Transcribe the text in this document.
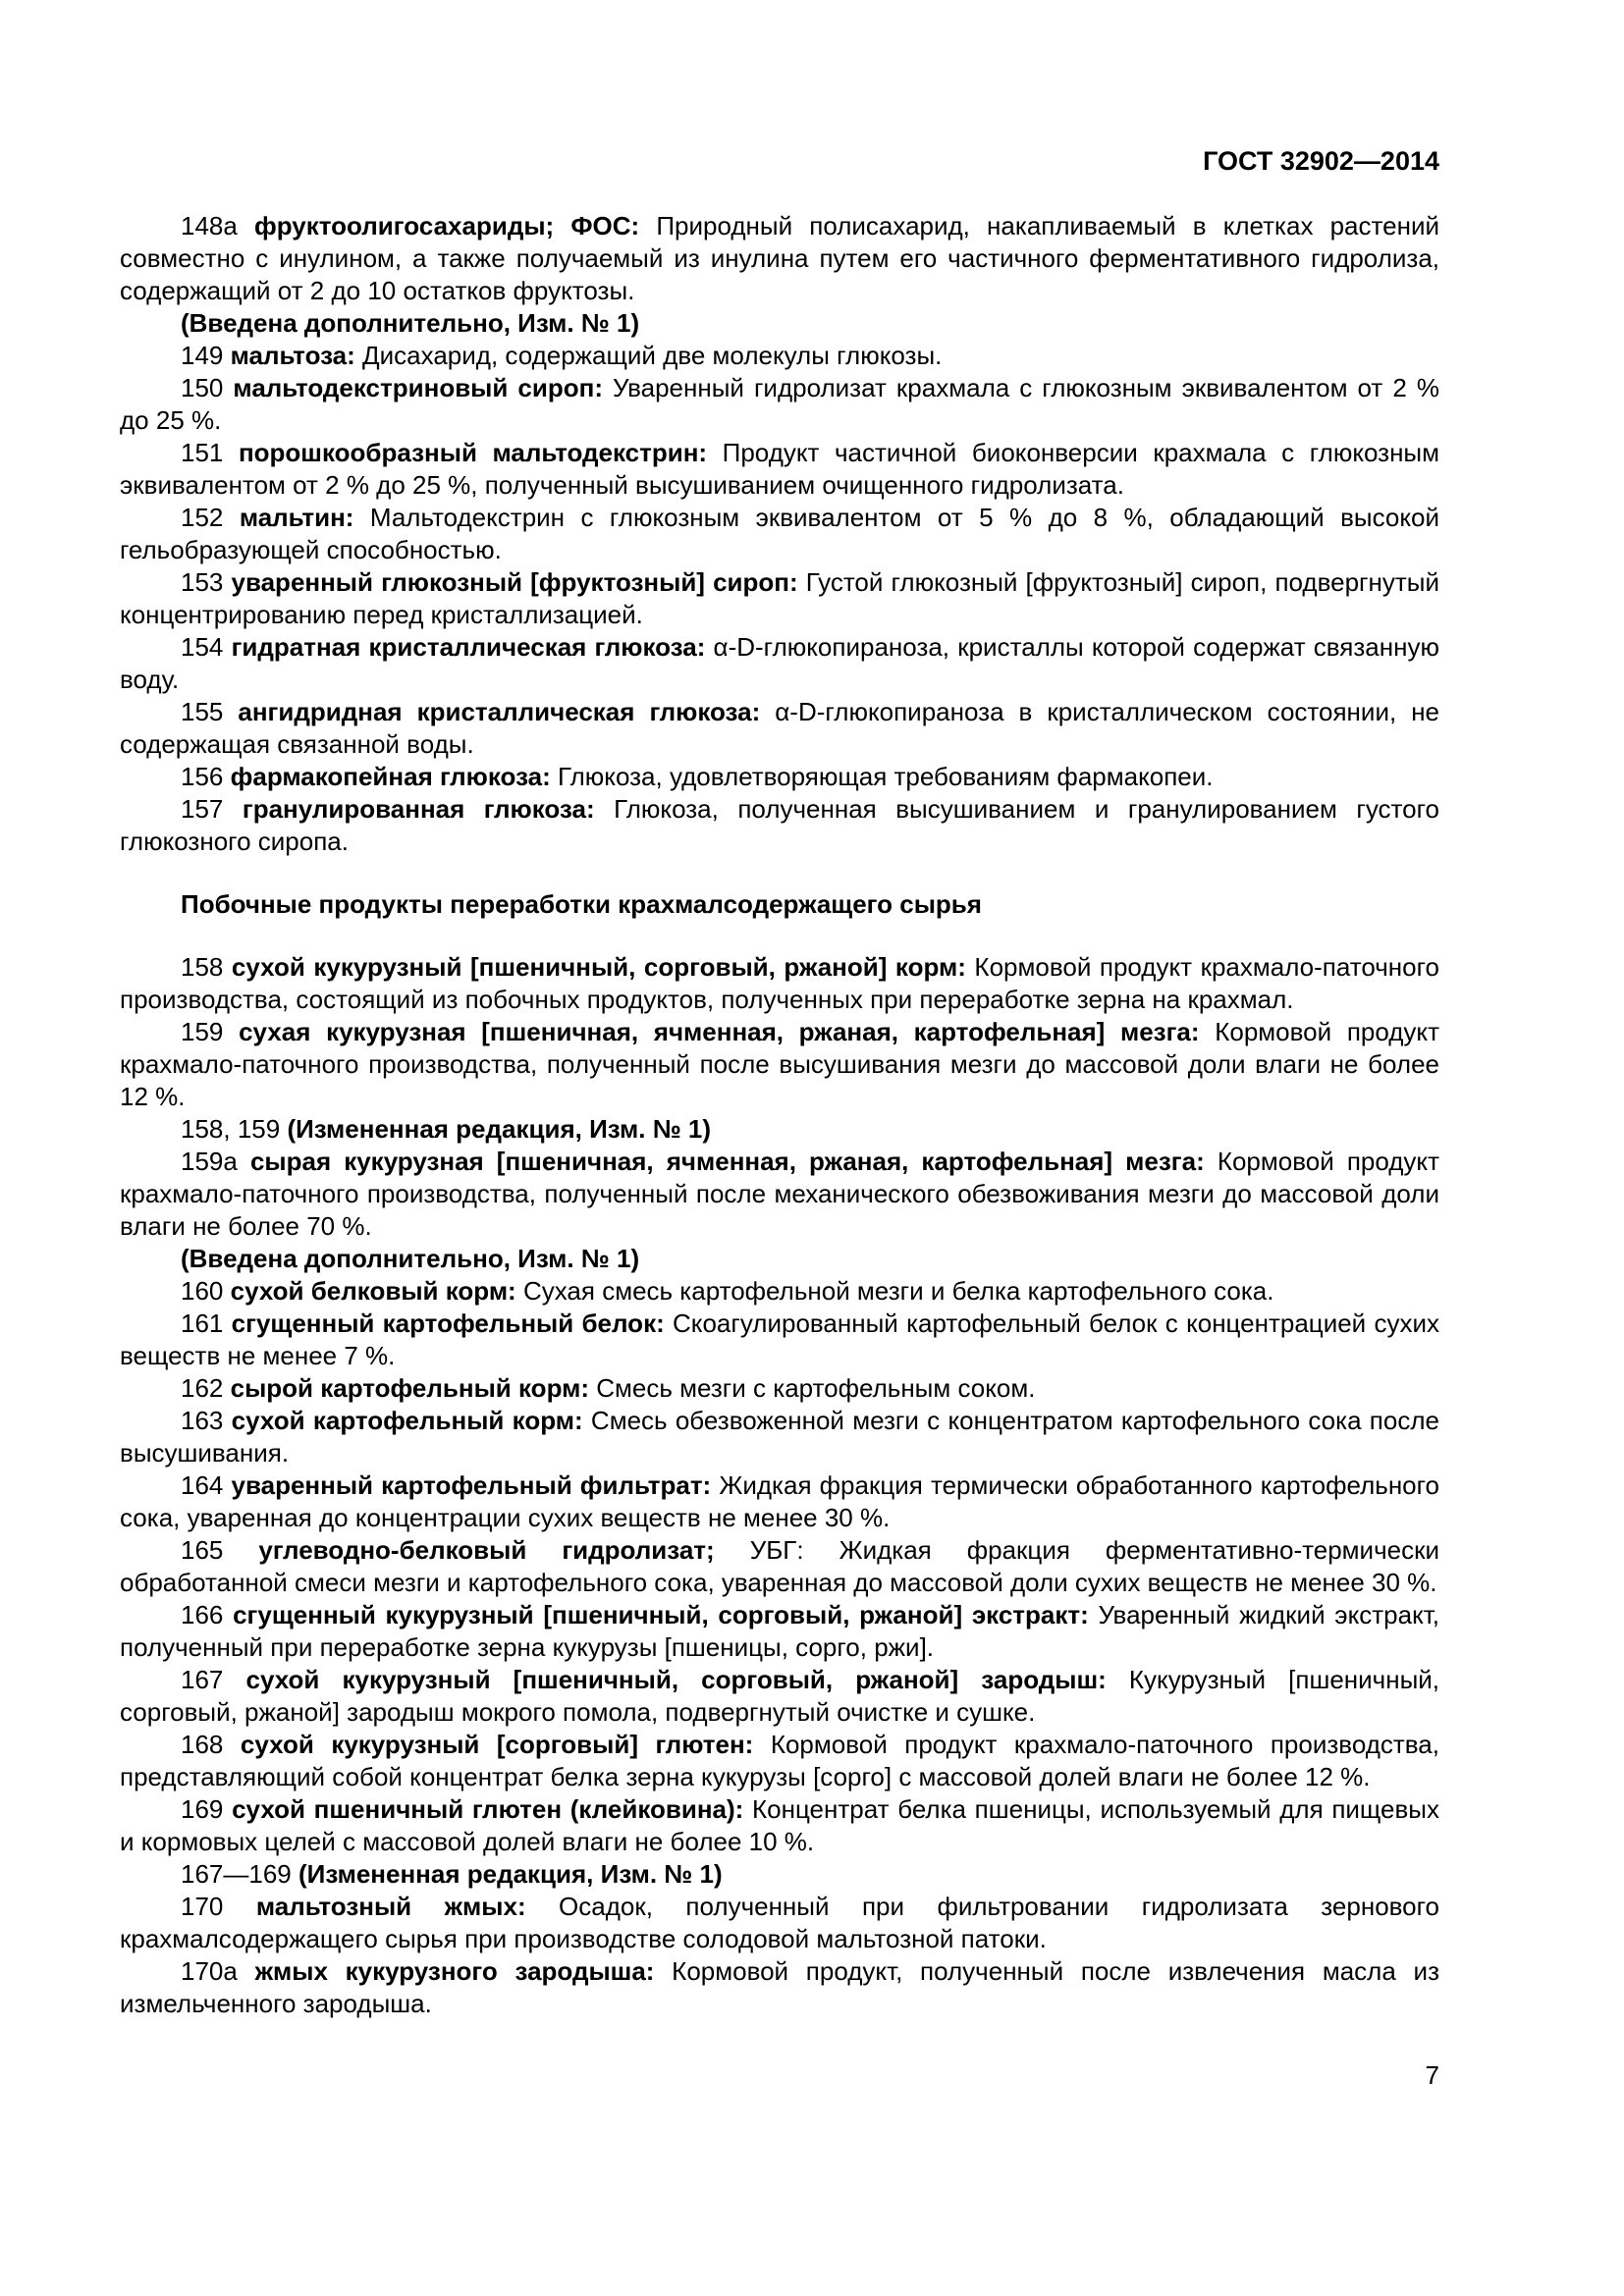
ГОСТ 32902—2014

148а фруктоолигосахариды; ФОС: Природный полисахарид, накапливаемый в клетках растений совместно с инулином, а также получаемый из инулина путем его частичного ферментативного гидролиза, содержащий от 2 до 10 остатков фруктозы.

(Введена дополнительно, Изм. № 1)

149 мальтоза: Дисахарид, содержащий две молекулы глюкозы.

150 мальтодекстриновый сироп: Уваренный гидролизат крахмала с глюкозным эквивалентом от 2 % до 25 %.

151 порошкообразный мальтодекстрин: Продукт частичной биоконверсии крахмала с глюкозным эквивалентом от 2 % до 25 %, полученный высушиванием очищенного гидролизата.

152 мальтин: Мальтодекстрин с глюкозным эквивалентом от 5 % до 8 %, обладающий высокой гельобразующей способностью.

153 уваренный глюкозный [фруктозный] сироп: Густой глюкозный [фруктозный] сироп, подвергнутый концентрированию перед кристаллизацией.

154 гидратная кристаллическая глюкоза: α-D-глюкопираноза, кристаллы которой содержат связанную воду.

155 ангидридная кристаллическая глюкоза: α-D-глюкопираноза в кристаллическом состоянии, не содержащая связанной воды.

156 фармакопейная глюкоза: Глюкоза, удовлетворяющая требованиям фармакопеи.

157 гранулированная глюкоза: Глюкоза, полученная высушиванием и гранулированием густого глюкозного сиропа.

Побочные продукты переработки крахмалсодержащего сырья

158 сухой кукурузный [пшеничный, сорговый, ржаной] корм: Кормовой продукт крахмало-паточного производства, состоящий из побочных продуктов, полученных при переработке зерна на крахмал.

159 сухая кукурузная [пшеничная, ячменная, ржаная, картофельная] мезга: Кормовой продукт крахмало-паточного производства, полученный после высушивания мезги до массовой доли влаги не более 12 %.

158, 159 (Измененная редакция, Изм. № 1)

159а сырая кукурузная [пшеничная, ячменная, ржаная, картофельная] мезга: Кормовой продукт крахмало-паточного производства, полученный после механического обезвоживания мезги до массовой доли влаги не более 70 %.

(Введена дополнительно, Изм. № 1)

160 сухой белковый корм: Сухая смесь картофельной мезги и белка картофельного сока.

161 сгущенный картофельный белок: Скоагулированный картофельный белок с концентрацией сухих веществ не менее 7 %.

162 сырой картофельный корм: Смесь мезги с картофельным соком.

163 сухой картофельный корм: Смесь обезвоженной мезги с концентратом картофельного сока после высушивания.

164 уваренный картофельный фильтрат: Жидкая фракция термически обработанного картофельного сока, уваренная до концентрации сухих веществ не менее 30 %.

165 углеводно-белковый гидролизат; УБГ: Жидкая фракция ферментативно-термически обработанной смеси мезги и картофельного сока, уваренная до массовой доли сухих веществ не менее 30 %.

166 сгущенный кукурузный [пшеничный, сорговый, ржаной] экстракт: Уваренный жидкий экстракт, полученный при переработке зерна кукурузы [пшеницы, сорго, ржи].

167 сухой кукурузный [пшеничный, сорговый, ржаной] зародыш: Кукурузный [пшеничный, сорговый, ржаной] зародыш мокрого помола, подвергнутый очистке и сушке.

168 сухой кукурузный [сорговый] глютен: Кормовой продукт крахмало-паточного производства, представляющий собой концентрат белка зерна кукурузы [сорго] с массовой долей влаги не более 12 %.

169 сухой пшеничный глютен (клейковина): Концентрат белка пшеницы, используемый для пищевых и кормовых целей с массовой долей влаги не более 10 %.

167—169 (Измененная редакция, Изм. № 1)

170 мальтозный жмых: Осадок, полученный при фильтровании гидролизата зернового крахмалсодержащего сырья при производстве солодовой мальтозной патоки.

170а жмых кукурузного зародыша: Кормовой продукт, полученный после извлечения масла из измельченного зародыша.

7
